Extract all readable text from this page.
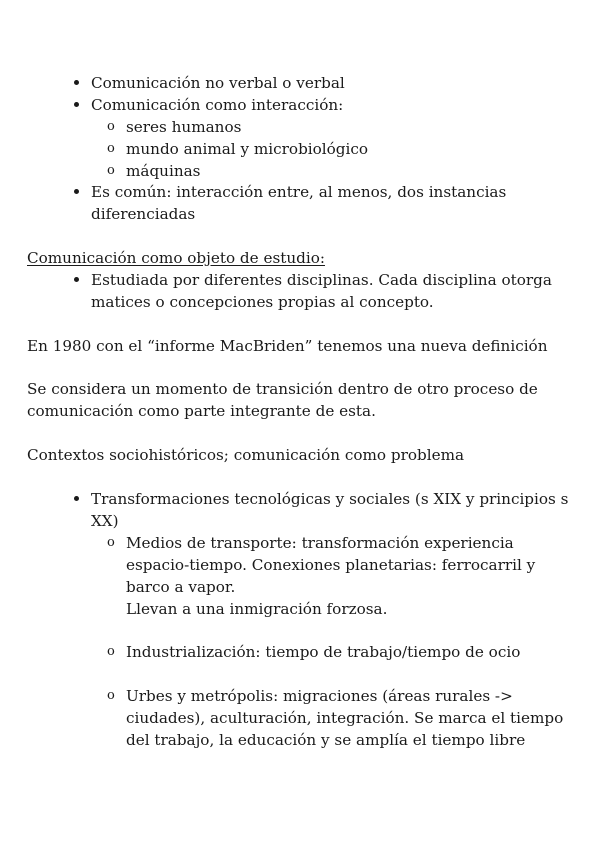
Comunicación no verbal o verbal
Comunicación como interacción:
o seres humanos
o mundo animal y microbiológico
o máquinas
Es común: interacción entre, al menos, dos instancias
diferenciadas
Comunicación como objeto de estudio:
Estudiada por diferentes disciplinas. Cada disciplina otorga
matices o concepciones propias al concepto.
En 1980 con el “informe MacBriden” tenemos una nueva definición
Se considera un momento de transición dentro de otro proceso de
comunicación como parte integrante de esta.
Contextos sociohistóricos; comunicación como problema
Transformaciones tecnológicas y sociales (s XIX y principios s
XX)
o Medios de transporte: transformación experiencia
espacio-tiempo. Conexiones planetarias: ferrocarril y
barco a vapor.
Llevan a una inmigración forzosa.
o Industrialización: tiempo de trabajo/tiempo de ocio
o Urbes y metrópolis: migraciones (áreas rurales ->
ciudades), aculturación, integración. Se marca el tiempo
del trabajo, la educación y se amplía el tiempo libre
